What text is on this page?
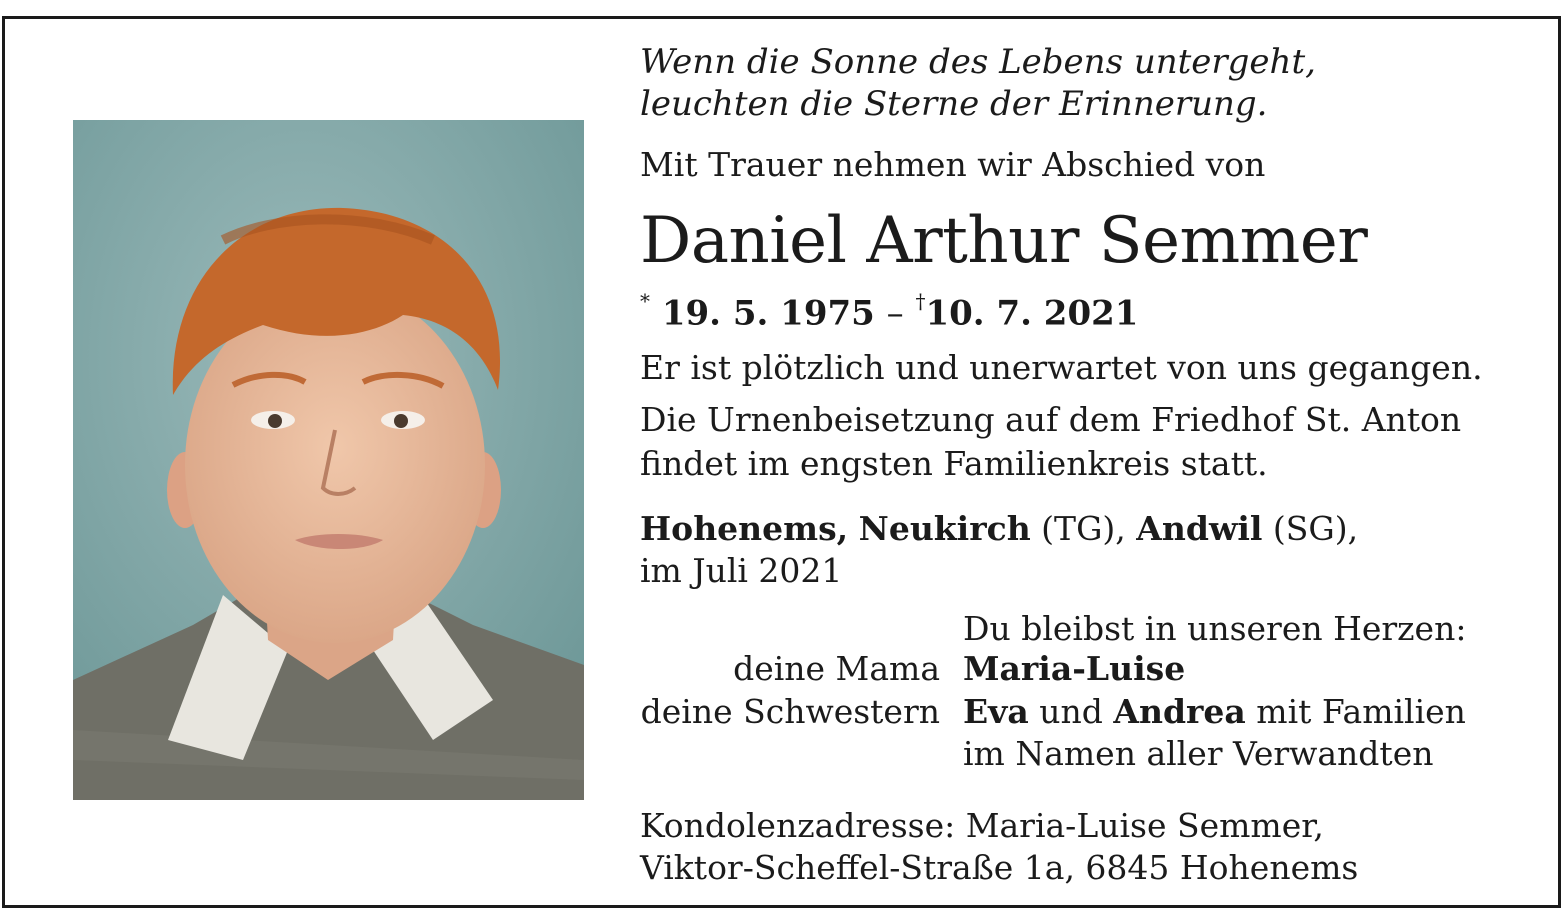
Wenn die Sonne des Lebens untergeht,
leuchten die Sterne der Erinnerung.
Mit Trauer nehmen wir Abschied von
Daniel Arthur Semmer
* 19. 5. 1975 – †10. 7. 2021
Er ist plötzlich und unerwartet von uns gegangen.
Die Urnenbeisetzung auf dem Friedhof St. Anton
findet im engsten Familienkreis statt.
Hohenems, Neukirch (TG), Andwil (SG),
im Juli 2021
Du bleibst in unseren Herzen:
deine Mama Maria-Luise
deine Schwestern Eva und Andrea mit Familien
im Namen aller Verwandten
Kondolenzadresse: Maria-Luise Semmer,
Viktor-Scheffel-Straße 1a, 6845 Hohenems
